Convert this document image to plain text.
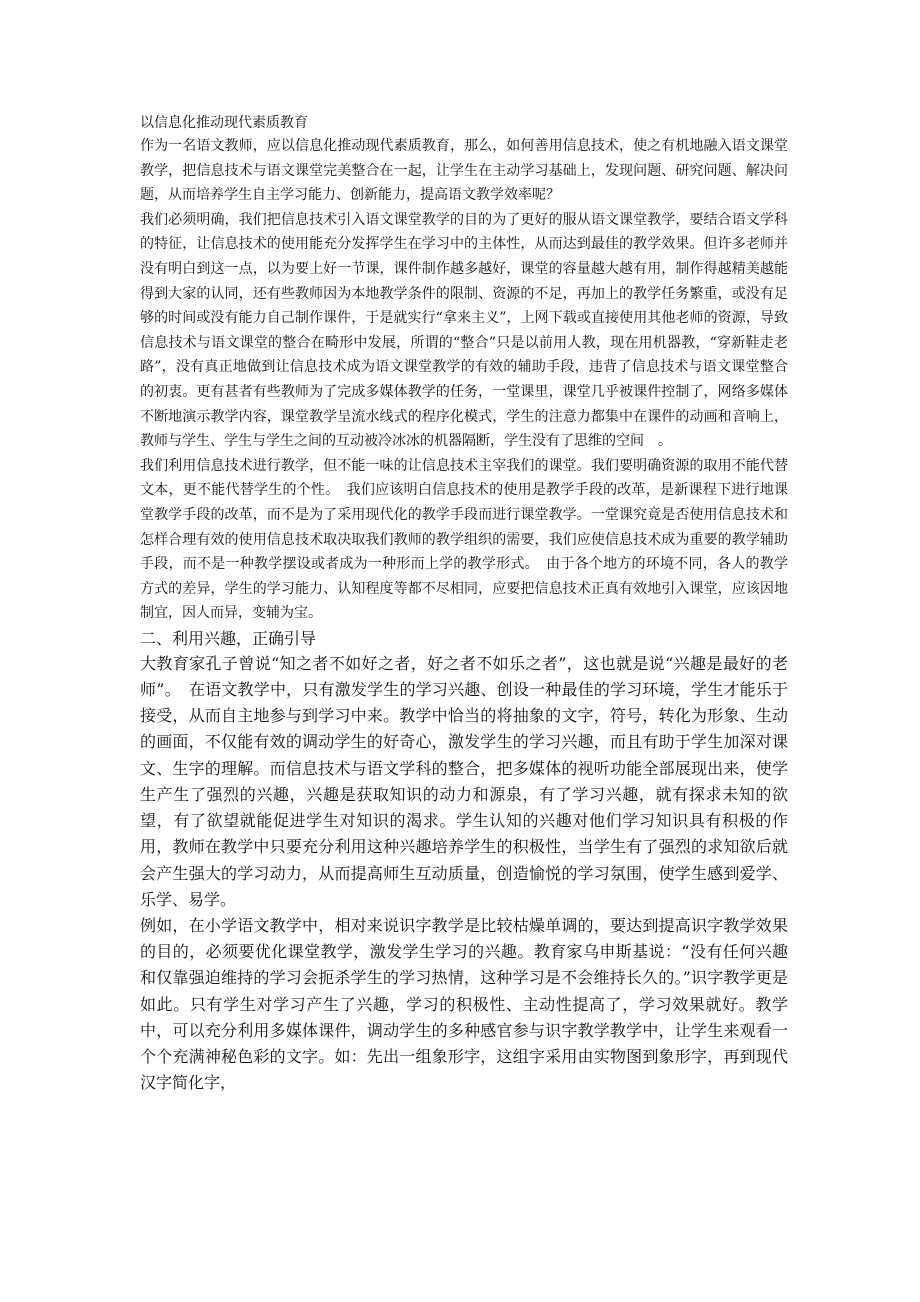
以信息化推动现代素质教育

作为一名语文教师，应以信息化推动现代素质教育，那么，如何善用信息技术，使之有机地融入语文课堂教学，把信息技术与语文课堂完美整合在一起，让学生在主动学习基础上，发现问题、研究问题、解决问题，从而培养学生自主学习能力、创新能力，提高语文教学效率呢？

我们必须明确，我们把信息技术引入语文课堂教学的目的为了更好的服从语文课堂教学，要结合语文学科的特征，让信息技术的使用能充分发挥学生在学习中的主体性，从而达到最佳的教学效果。但许多老师并没有明白到这一点，以为要上好一节课，课件制作越多越好，课堂的容量越大越有用，制作得越精美越能得到大家的认同，还有些教师因为本地教学条件的限制、资源的不足，再加上的教学任务繁重，或没有足够的时间或没有能力自己制作课件，于是就实行“拿来主义”，上网下载或直接使用其他老师的资源，导致信息技术与语文课堂的整合在畸形中发展，所谓的“整合”只是以前用人教，现在用机器教，“穿新鞋走老路”，没有真正地做到让信息技术成为语文课堂教学的有效的辅助手段，违背了信息技术与语文课堂整合的初衷。更有甚者有些教师为了完成多媒体教学的任务，一堂课里，课堂几乎被课件控制了，网络多媒体不断地演示教学内容，课堂教学呈流水线式的程序化模式，学生的注意力都集中在课件的动画和音响上，教师与学生、学生与学生之间的互动被冷冰冰的机器隔断，学生没有了思维的空间　。

我们利用信息技术进行教学，但不能一味的让信息技术主宰我们的课堂。我们要明确资源的取用不能代替文本，更不能代替学生的个性。　我们应该明白信息技术的使用是教学手段的改革，是新课程下进行地课堂教学手段的改革，而不是为了采用现代化的教学手段而进行课堂教学。一堂课究竟是否使用信息技术和怎样合理有效的使用信息技术取决取我们教师的教学组织的需要，我们应使信息技术成为重要的教学辅助手段，而不是一种教学摆设或者成为一种形而上学的教学形式。　由于各个地方的环境不同，各人的教学方式的差异，学生的学习能力、认知程度等都不尽相同，应要把信息技术正真有效地引入课堂，应该因地制宜，因人而异，变辅为宝。

二、利用兴趣，正确引导

大教育家孔子曾说“知之者不如好之者，好之者不如乐之者”，这也就是说“兴趣是最好的老师”。　在语文教学中，只有激发学生的学习兴趣、创设一种最佳的学习环境，学生才能乐于接受，从而自主地参与到学习中来。教学中恰当的将抽象的文字，符号，转化为形象、生动的画面，不仅能有效的调动学生的好奇心，激发学生的学习兴趣，而且有助于学生加深对课文、生字的理解。而信息技术与语文学科的整合，把多媒体的视听功能全部展现出来，使学生产生了强烈的兴趣，兴趣是获取知识的动力和源泉，有了学习兴趣，就有探求未知的欲望，有了欲望就能促进学生对知识的渴求。学生认知的兴趣对他们学习知识具有积极的作用，教师在教学中只要充分利用这种兴趣培养学生的积极性，当学生有了强烈的求知欲后就会产生强大的学习动力，从而提高师生互动质量，创造愉悦的学习氛围，使学生感到爱学、乐学、易学。

例如，在小学语文教学中，相对来说识字教学是比较枯燥单调的，要达到提高识字教学效果的目的，必须要优化课堂教学，激发学生学习的兴趣。教育家乌申斯基说：“没有任何兴趣和仅靠强迫维持的学习会扼杀学生的学习热情，这种学习是不会维持长久的。”识字教学更是如此。只有学生对学习产生了兴趣，学习的积极性、主动性提高了，学习效果就好。教学中，可以充分利用多媒体课件，调动学生的多种感官参与识字教学教学中，让学生来观看一个个充满神秘色彩的文字。如：先出一组象形字，这组字采用由实物图到象形字，再到现代汉字简化字，
